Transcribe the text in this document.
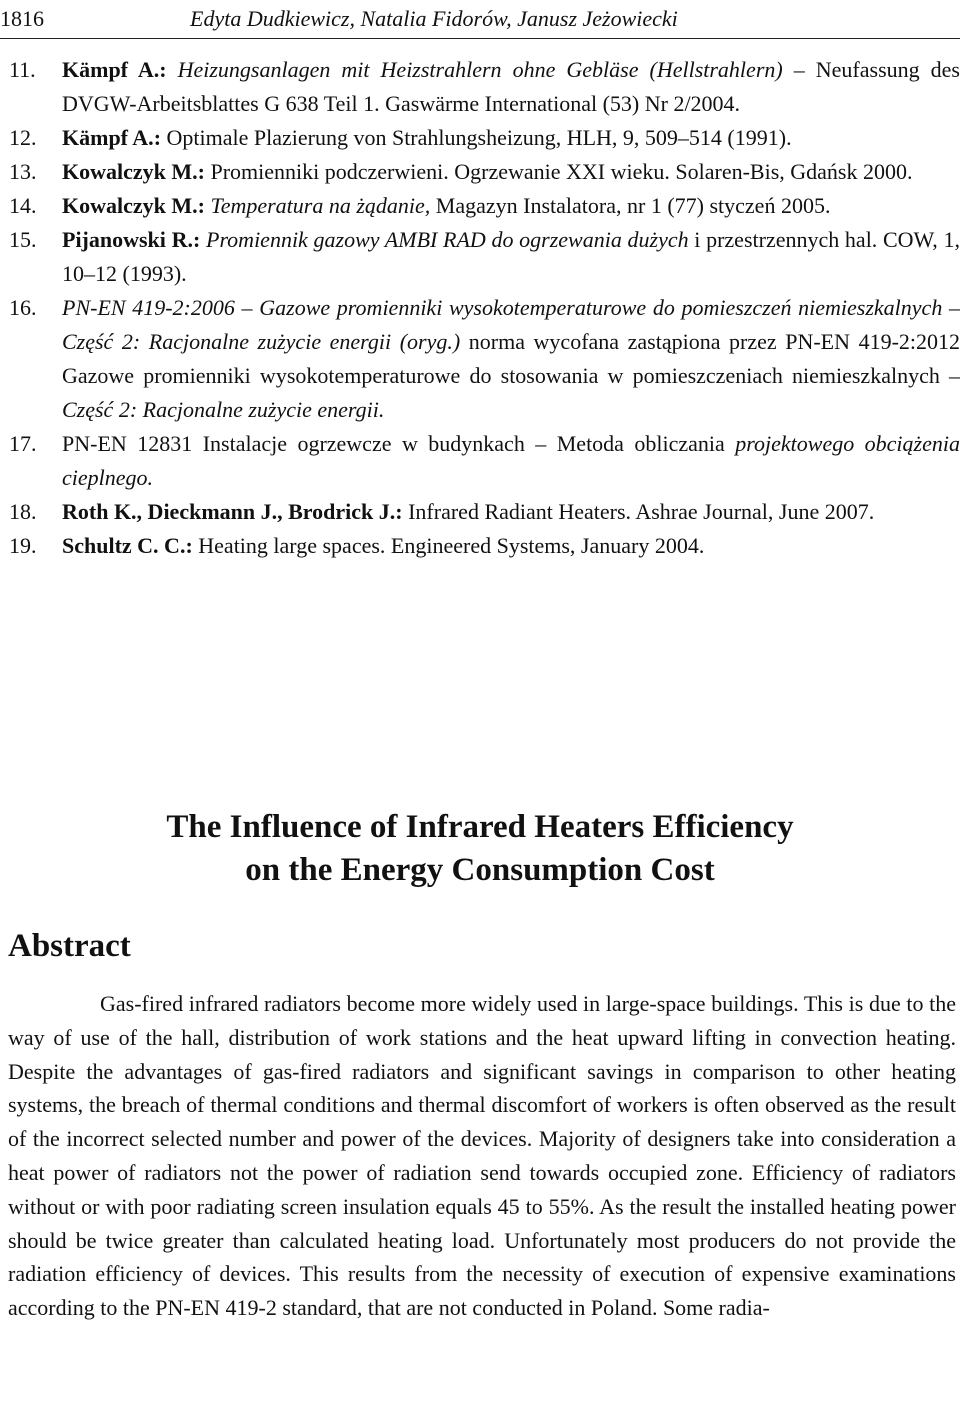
1816	Edyta Dudkiewicz, Natalia Fidorów, Janusz Jeżowiecki
11. Kämpf A.: Heizungsanlagen mit Heizstrahlern ohne Gebläse (Hellstrahlern) – Neufassung des DVGW-Arbeitsblattes G 638 Teil 1. Gaswärme International (53) Nr 2/2004.
12. Kämpf A.: Optimale Plazierung von Strahlungsheizung, HLH, 9, 509–514 (1991).
13. Kowalczyk M.: Promienniki podczerwieni. Ogrzewanie XXI wieku. Solaren-Bis, Gdańsk 2000.
14. Kowalczyk M.: Temperatura na żądanie, Magazyn Instalatora, nr 1 (77) styczeń 2005.
15. Pijanowski R.: Promiennik gazowy AMBI RAD do ogrzewania dużych i przestrzennych hal. COW, 1, 10–12 (1993).
16. PN-EN 419-2:2006 – Gazowe promienniki wysokotemperaturowe do pomieszczeń niemieszkalnych – Część 2: Racjonalne zużycie energii (oryg.) norma wycofana zastąpiona przez PN-EN 419-2:2012 Gazowe promienniki wysokotemperaturowe do stosowania w pomieszczeniach niemieszkalnych – Część 2: Racjonalne zużycie energii.
17. PN-EN 12831 Instalacje ogrzewcze w budynkach – Metoda obliczania projektowego obciążenia cieplnego.
18. Roth K., Dieckmann J., Brodrick J.: Infrared Radiant Heaters. Ashrae Journal, June 2007.
19. Schultz C. C.: Heating large spaces. Engineered Systems, January 2004.
The Influence of Infrared Heaters Efficiency
on the Energy Consumption Cost
Abstract
Gas-fired infrared radiators become more widely used in large-space buildings. This is due to the way of use of the hall, distribution of work stations and the heat upward lifting in convection heating. Despite the advantages of gas-fired radiators and significant savings in comparison to other heating systems, the breach of thermal conditions and thermal discomfort of workers is often observed as the result of the incorrect selected number and power of the devices. Majority of designers take into consideration a heat power of radiators not the power of radiation send towards occupied zone. Efficiency of radiators without or with poor radiating screen insulation equals 45 to 55%. As the result the installed heating power should be twice greater than calculated heating load. Unfortunately most producers do not provide the radiation efficiency of devices. This results from the necessity of execution of expensive examinations according to the PN-EN 419-2 standard, that are not conducted in Poland. Some radia-
